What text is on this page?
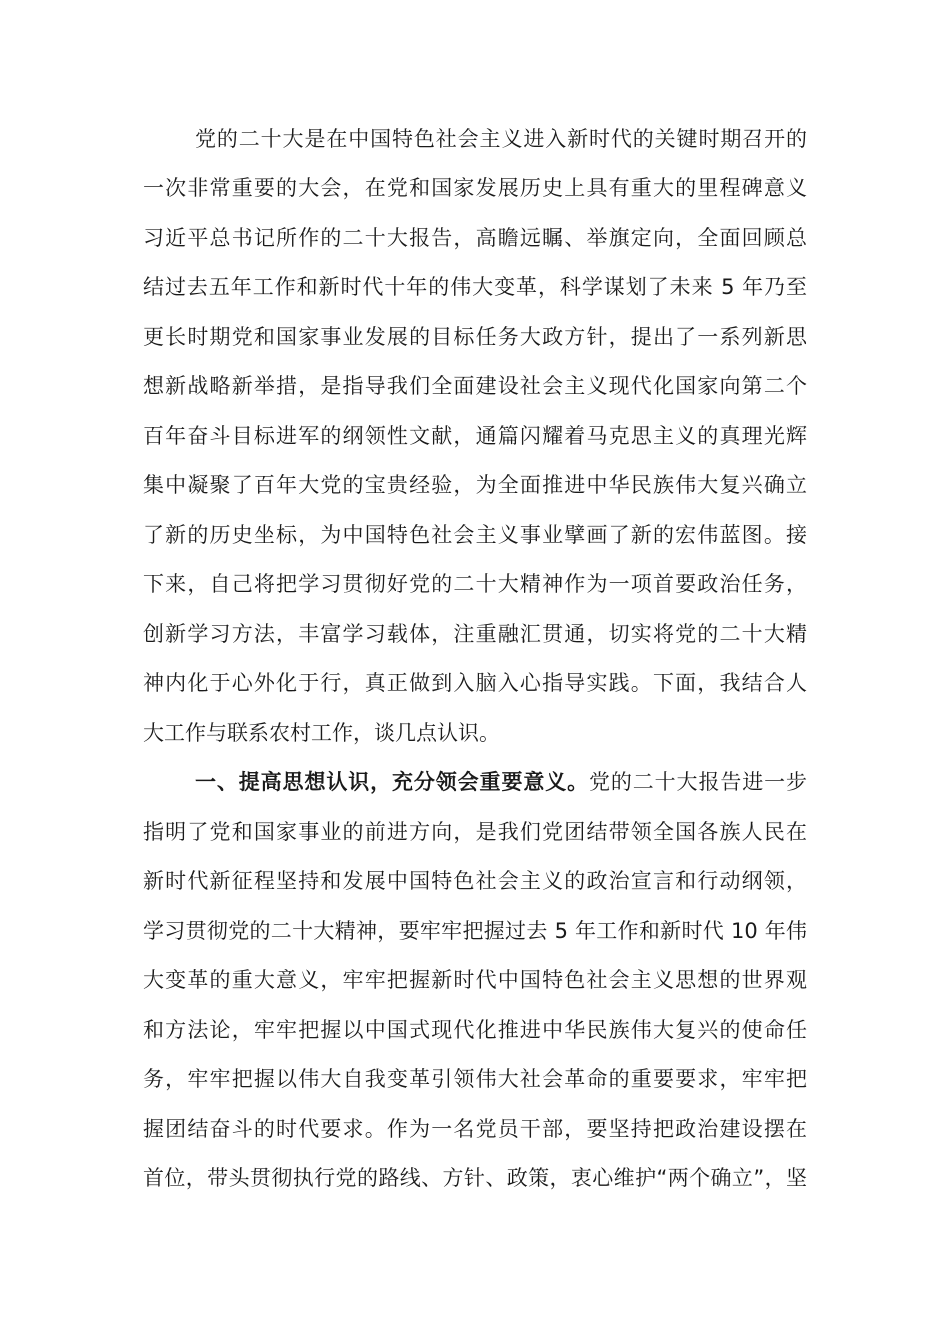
党的二十大是在中国特色社会主义进入新时代的关键时期召开的
一次非常重要的大会，在党和国家发展历史上具有重大的里程碑意义
习近平总书记所作的二十大报告，高瞻远瞩、举旗定向，全面回顾总
结过去五年工作和新时代十年的伟大变革，科学谋划了未来 5 年乃至
更长时期党和国家事业发展的目标任务大政方针，提出了一系列新思
想新战略新举措，是指导我们全面建设社会主义现代化国家向第二个
百年奋斗目标进军的纲领性文献，通篇闪耀着马克思主义的真理光辉
集中凝聚了百年大党的宝贵经验，为全面推进中华民族伟大复兴确立
了新的历史坐标，为中国特色社会主义事业擘画了新的宏伟蓝图。接
下来，自己将把学习贯彻好党的二十大精神作为一项首要政治任务，
创新学习方法，丰富学习载体，注重融汇贯通，切实将党的二十大精
神内化于心外化于行，真正做到入脑入心指导实践。下面，我结合人
大工作与联系农村工作，谈几点认识。
一、提高思想认识，充分领会重要意义。党的二十大报告进一步
指明了党和国家事业的前进方向，是我们党团结带领全国各族人民在
新时代新征程坚持和发展中国特色社会主义的政治宣言和行动纲领，
学习贯彻党的二十大精神，要牢牢把握过去 5 年工作和新时代 10 年伟
大变革的重大意义，牢牢把握新时代中国特色社会主义思想的世界观
和方法论，牢牢把握以中国式现代化推进中华民族伟大复兴的使命任
务，牢牢把握以伟大自我变革引领伟大社会革命的重要要求，牢牢把
握团结奋斗的时代要求。作为一名党员干部，要坚持把政治建设摆在
首位，带头贯彻执行党的路线、方针、政策，衷心维护“两个确立”，坚
